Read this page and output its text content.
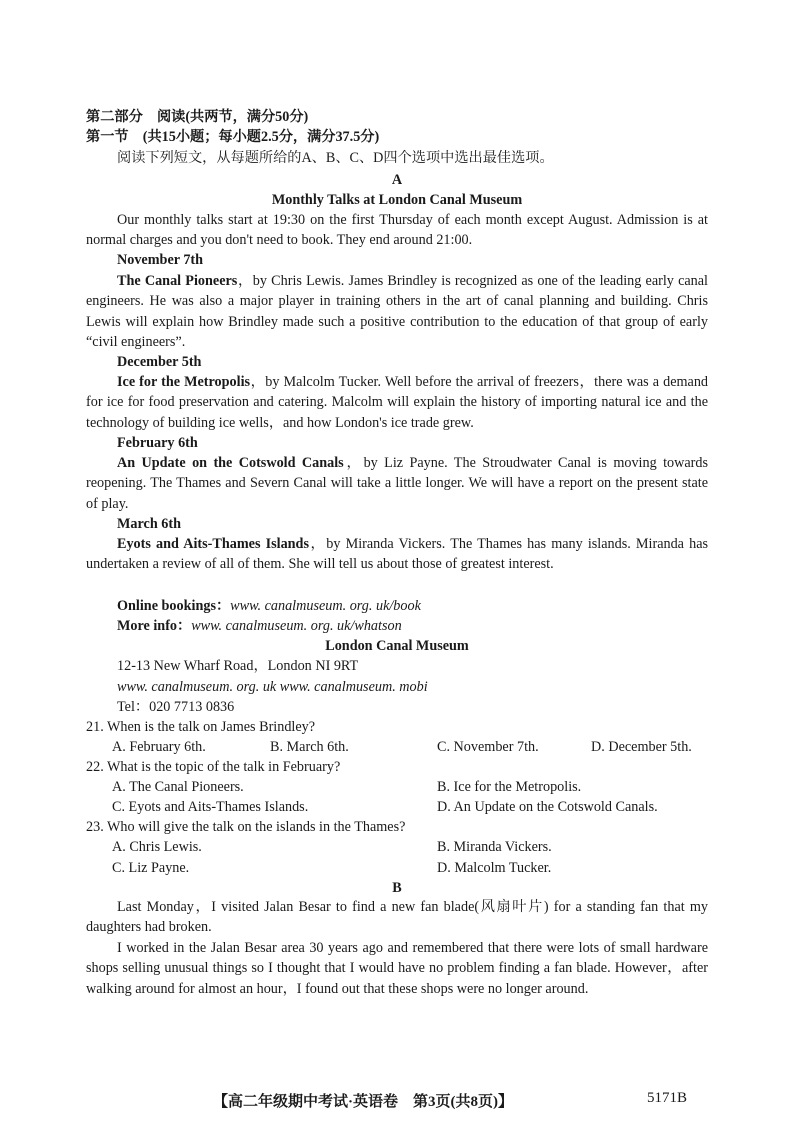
第二部分　阅读(共两节，满分50分)
第一节　(共15小题；每小题2.5分，满分37.5分)
阅读下列短文，从每题所给的A、B、C、D四个选项中选出最佳选项。
A
Monthly Talks at London Canal Museum
Our monthly talks start at 19:30 on the first Thursday of each month except August. Admission is at normal charges and you don't need to book. They end around 21:00.
November 7th
The Canal Pioneers，by Chris Lewis. James Brindley is recognized as one of the leading early canal engineers. He was also a major player in training others in the art of canal planning and building. Chris Lewis will explain how Brindley made such a positive contribution to the education of that group of early “civil engineers”.
December 5th
Ice for the Metropolis，by Malcolm Tucker. Well before the arrival of freezers，there was a demand for ice for food preservation and catering. Malcolm will explain the history of importing natural ice and the technology of building ice wells，and how London's ice trade grew.
February 6th
An Update on the Cotswold Canals，by Liz Payne. The Stroudwater Canal is moving towards reopening. The Thames and Severn Canal will take a little longer. We will have a report on the present state of play.
March 6th
Eyots and Aits-Thames Islands，by Miranda Vickers. The Thames has many islands. Miranda has undertaken a review of all of them. She will tell us about those of greatest interest.
Online bookings：www. canalmuseum. org. uk/book
More info：www. canalmuseum. org. uk/whatson
London Canal Museum
12-13 New Wharf Road，London NI 9RT
www. canalmuseum. org. uk www. canalmuseum. mobi
Tel：020 7713 0836
21. When is the talk on James Brindley?
A. February 6th.	B. March 6th.	C. November 7th.	D. December 5th.
22. What is the topic of the talk in February?
A. The Canal Pioneers.	B. Ice for the Metropolis.
C. Eyots and Aits-Thames Islands.	D. An Update on the Cotswold Canals.
23. Who will give the talk on the islands in the Thames?
A. Chris Lewis.	B. Miranda Vickers.
C. Liz Payne.	D. Malcolm Tucker.
B
Last Monday，I visited Jalan Besar to find a new fan blade(风扇叶片) for a standing fan that my daughters had broken.
I worked in the Jalan Besar area 30 years ago and remembered that there were lots of small hardware shops selling unusual things so I thought that I would have no problem finding a fan blade. However，after walking around for almost an hour，I found out that these shops were no longer around.
【高二年级期中考试·英语卷　第3页(共8页)】	5171B
